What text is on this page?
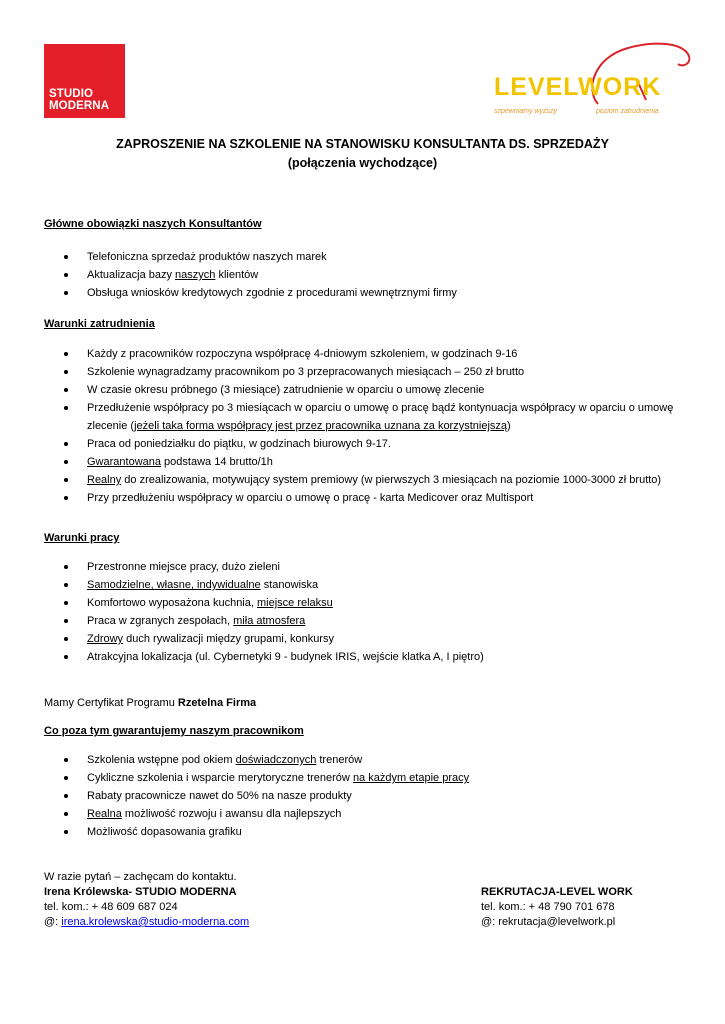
STUDIO
MODERNA
LEVELWORK
szpewniamy wyższy	poziom zatrudnienia
ZAPROSZENIE NA SZKOLENIE NA STANOWISKU KONSULTANTA DS. SPRZEDAŻY
(połączenia wychodzące)
Główne obowiązki naszych Konsultantów
Telefoniczna sprzedaż produktów naszych marek
Aktualizacja bazy naszych klientów
Obsługa wniosków kredytowych zgodnie z procedurami wewnętrznymi firmy
Warunki zatrudnienia
Każdy z pracowników rozpoczyna współpracę 4-dniowym szkoleniem, w godzinach 9-16
Szkolenie wynagradzamy pracownikom po 3 przepracowanych miesiącach – 250 zł brutto
W czasie okresu próbnego (3 miesiące) zatrudnienie w oparciu o umowę zlecenie
Przedłużenie współpracy po 3 miesiącach w oparciu o umowę o pracę bądź kontynuacja współpracy w oparciu o umowę zlecenie (jeżeli taka forma współpracy jest przez pracownika uznana za korzystniejszą)
Praca od poniedziałku do piątku, w godzinach biurowych 9-17.
Gwarantowana podstawa 14 brutto/1h
Realny do zrealizowania, motywujący system premiowy (w pierwszych 3 miesiącach na poziomie 1000-3000 zł brutto)
Przy przedłużeniu współpracy w oparciu o umowę o pracę - karta Medicover oraz Multisport
Warunki pracy
Przestronne miejsce pracy, dużo zieleni
Samodzielne, własne, indywidualne stanowiska
Komfortowo wyposażona kuchnia, miejsce relaksu
Praca w zgranych zespołach, miła atmosfera
Zdrowy duch rywalizacji między grupami, konkursy
Atrakcyjna lokalizacja (ul. Cybernetyki 9 - budynek IRIS, wejście klatka A, I piętro)
Mamy Certyfikat Programu Rzetelna Firma
Co poza tym gwarantujemy naszym pracownikom
Szkolenia wstępne pod okiem doświadczonych trenerów
Cykliczne szkolenia i wsparcie merytoryczne trenerów na każdym etapie pracy
Rabaty pracownicze nawet do 50% na nasze produkty
Realna możliwość rozwoju i awansu dla najlepszych
Możliwość dopasowania grafiku
W razie pytań – zachęcam do kontaktu.
Irena Królewska- STUDIO MODERNA
tel. kom.: + 48 609 687 024
@: irena.krolewska@studio-moderna.com
REKRUTACJA-LEVEL WORK
tel. kom.: + 48 790 701 678
@: rekrutacja@levelwork.pl
